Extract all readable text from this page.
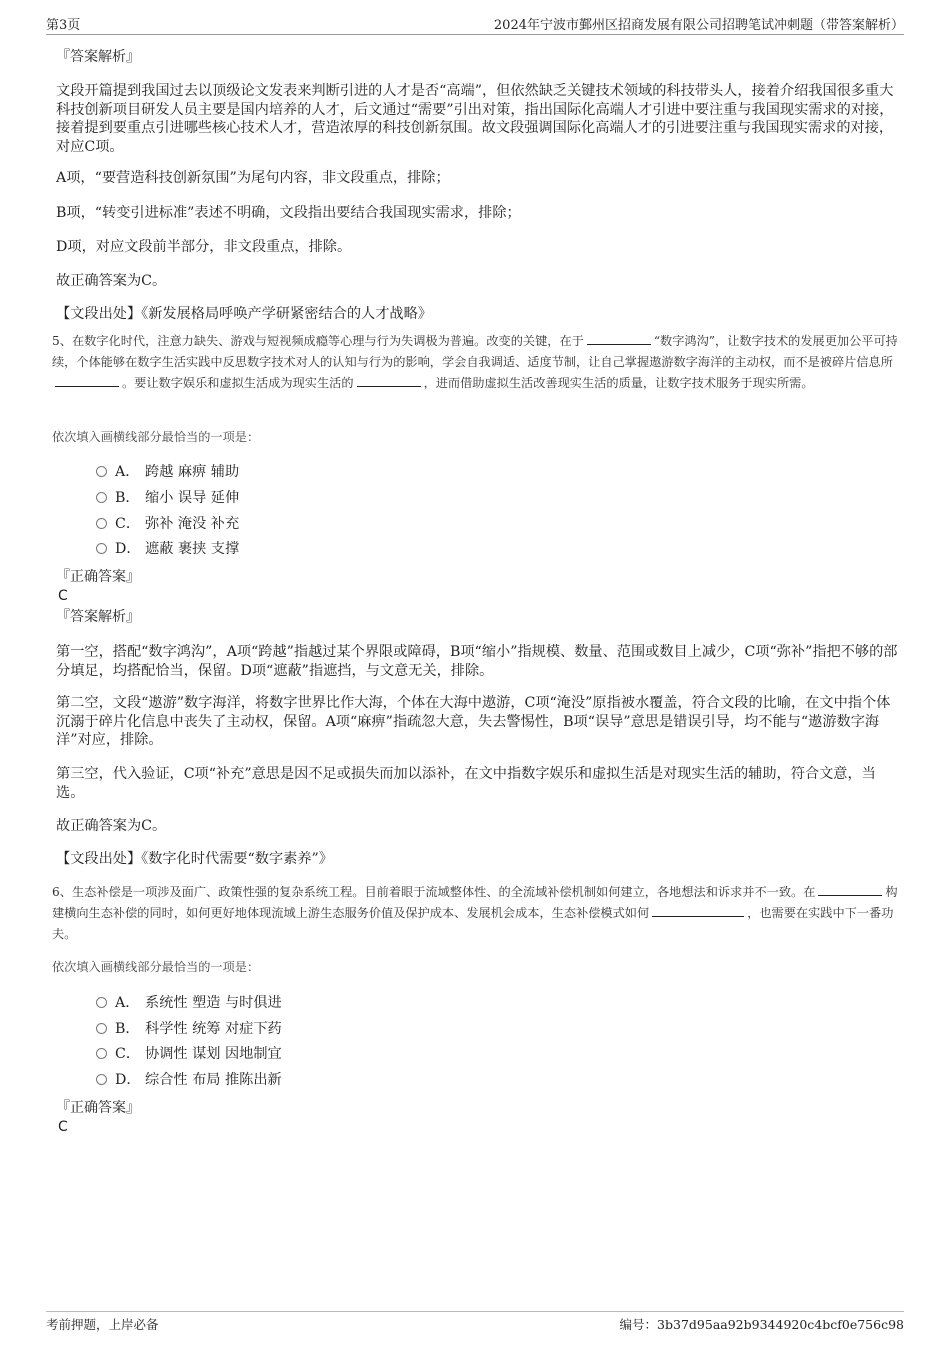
第3页	2024年宁波市鄞州区招商发展有限公司招聘笔试冲刺题（带答案解析）
『答案解析』

文段开篇提到我国过去以顶级论文发表来判断引进的人才是否“高端”，但依然缺乏关键技术领域的科技带头人，接着介绍我国很多重大科技创新项目研发人员主要是国内培养的人才，后文通过“需要”引出对策，指出国际化高端人才引进中要注重与我国现实需求的对接，接着提到要重点引进哪些核心技术人才，营造浓厚的科技创新氛围。故文段强调国际化高端人才的引进要注重与我国现实需求的对接，对应C项。

A项，“要营造科技创新氛围”为尾句内容，非文段重点，排除；

B项，“转变引进标准”表述不明确，文段指出要结合我国现实需求，排除；

D项，对应文段前半部分，非文段重点，排除。

故正确答案为C。

【文段出处】《新发展格局呼唤产学研紧密结合的人才战略》

5、在数字化时代，注意力缺失、游戏与短视频成瘾等心理与行为失调极为普遍。改变的关键，在于	“数字鸿沟”，让数字技术的发展更加公平可持续，个体能够在数字生活实践中反思数字技术对人的认知与行为的影响，学会自我调适、适度节制，让自己掌握遨游数字海洋的主动权，而不是被碎片信息所。要让数字娱乐和虚拟生活成为现实生活的	，进而借助虚拟生活改善现实生活的质量，让数字技术服务于现实所需。

依次填入画横线部分最恰当的一项是：

A． 跨越 麻痹 辅助
B． 缩小 误导 延伸
C． 弥补 淹没 补充
D． 遮蔽 裹挟 支撑
『正确答案』
C
『答案解析』

第一空，搭配“数字鸿沟”，A项“跨越”指越过某个界限或障碍，B项“缩小”指规模、数量、范围或数目上减少，C项“弥补”指把不够的部分填足，均搭配恰当，保留。D项“遮蔽”指遮挡，与文意无关，排除。

第二空，文段“遨游”数字海洋，将数字世界比作大海，个体在大海中遨游，C项“淹没”原指被水覆盖，符合文段的比喻，在文中指个体沉溺于碎片化信息中丧失了主动权，保留。A项“麻痹”指疏忽大意，失去警惕性，B项“误导”意思是错误引导，均不能与“遨游数字海洋”对应，排除。

第三空，代入验证，C项“补充”意思是因不足或损失而加以添补，在文中指数字娱乐和虚拟生活是对现实生活的辅助，符合文意，当选。

故正确答案为C。

【文段出处】《数字化时代需要“数字素养”》

6、生态补偿是一项涉及面广、政策性强的复杂系统工程。目前着眼于流域整体性、的全流域补偿机制如何建立，各地想法和诉求并不一致。在	构建横向生态补偿的同时，如何更好地体现流域上游生态服务价值及保护成本、发展机会成本，生态补偿模式如何	，也需要在实践中下一番功夫。

依次填入画横线部分最恰当的一项是：

A． 系统性 塑造 与时俱进
B． 科学性 统筹 对症下药
C． 协调性 谋划 因地制宜
D． 综合性 布局 推陈出新
『正确答案』
C
考前押题，上岸必备	编号：3b37d95aa92b9344920c4bcf0e756c98
